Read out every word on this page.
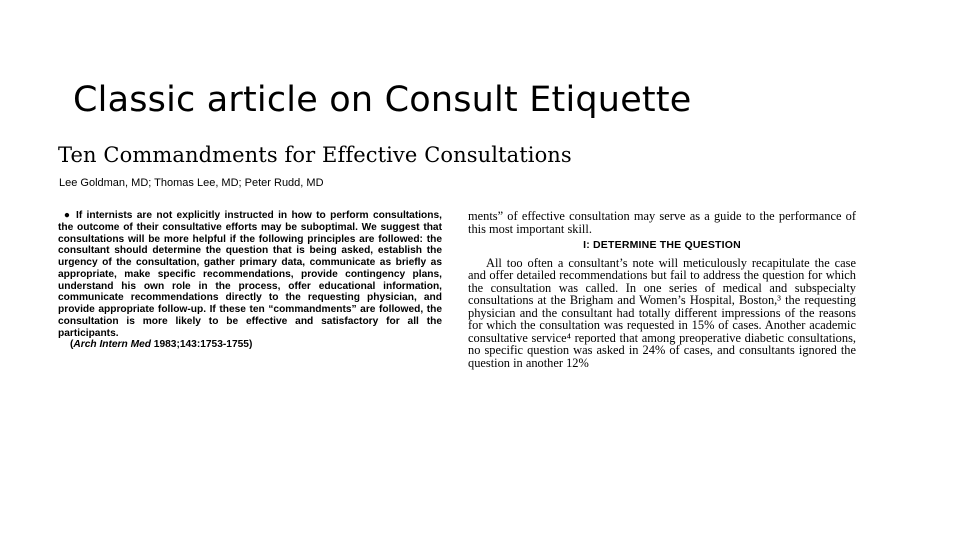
Classic article on Consult Etiquette
Ten Commandments for Effective Consultations
Lee Goldman, MD; Thomas Lee, MD; Peter Rudd, MD

● If internists are not explicitly instructed in how to perform consultations, the outcome of their consultative efforts may be suboptimal. We suggest that consultations will be more helpful if the following principles are followed: the consultant should determine the question that is being asked, establish the urgency of the consultation, gather primary data, communicate as briefly as appropriate, make specific recommendations, provide contingency plans, understand his own role in the process, offer educational information, communicate recommendations directly to the requesting physician, and provide appropriate follow-up. If these ten “commandments” are followed, the consultation is more likely to be effective and satisfactory for all the participants.
(Arch Intern Med 1983;143:1753-1755)

ments” of effective consultation may serve as a guide to the performance of this most important skill.

I: DETERMINE THE QUESTION

All too often a consultant’s note will meticulously recapitulate the case and offer detailed recommendations but fail to address the question for which the consultation was called. In one series of medical and subspecialty consultations at the Brigham and Women’s Hospital, Boston,³ the requesting physician and the consultant had totally different impressions of the reasons for which the consultation was requested in 15% of cases. Another academic consultative service⁴ reported that among preoperative diabetic consultations, no specific question was asked in 24% of cases, and consultants ignored the question in another 12%
